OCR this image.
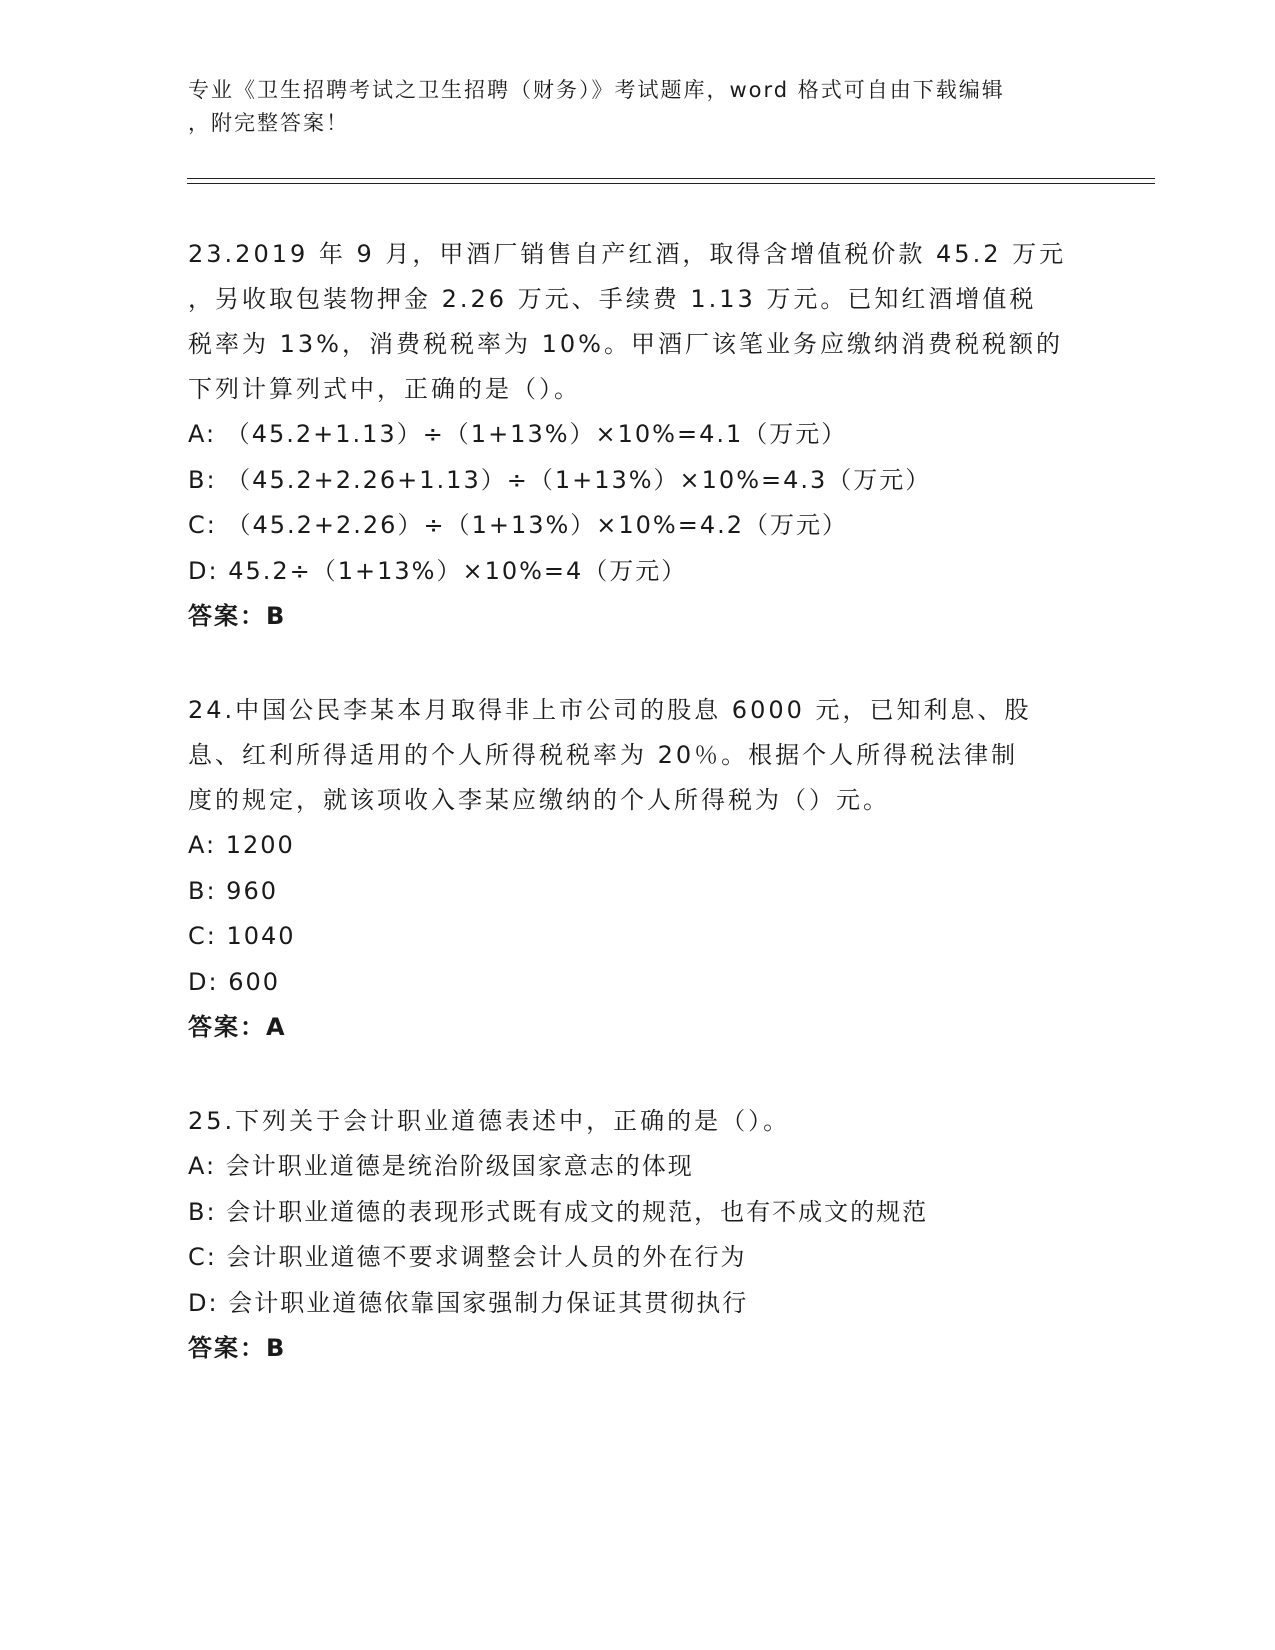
专业《卫生招聘考试之卫生招聘（财务）》考试题库，word 格式可自由下载编辑
，附完整答案！
23.2019 年 9 月，甲酒厂销售自产红酒，取得含增值税价款 45.2 万元
，另收取包装物押金 2.26 万元、手续费 1.13 万元。已知红酒增值税
税率为 13%，消费税税率为 10%。甲酒厂该笔业务应缴纳消费税税额的
下列计算列式中，正确的是（）。
A: （45.2+1.13）÷（1+13%）×10%=4.1（万元）
B: （45.2+2.26+1.13）÷（1+13%）×10%=4.3（万元）
C: （45.2+2.26）÷（1+13%）×10%=4.2（万元）
D: 45.2÷（1+13%）×10%=4（万元）
答案：B
24.中国公民李某本月取得非上市公司的股息 6000 元，已知利息、股
息、红利所得适用的个人所得税税率为 20％。根据个人所得税法律制
度的规定，就该项收入李某应缴纳的个人所得税为（）元。
A: 1200
B: 960
C: 1040
D: 600
答案：A
25.下列关于会计职业道德表述中，正确的是（）。
A: 会计职业道德是统治阶级国家意志的体现
B: 会计职业道德的表现形式既有成文的规范，也有不成文的规范
C: 会计职业道德不要求调整会计人员的外在行为
D: 会计职业道德依靠国家强制力保证其贯彻执行
答案：B
